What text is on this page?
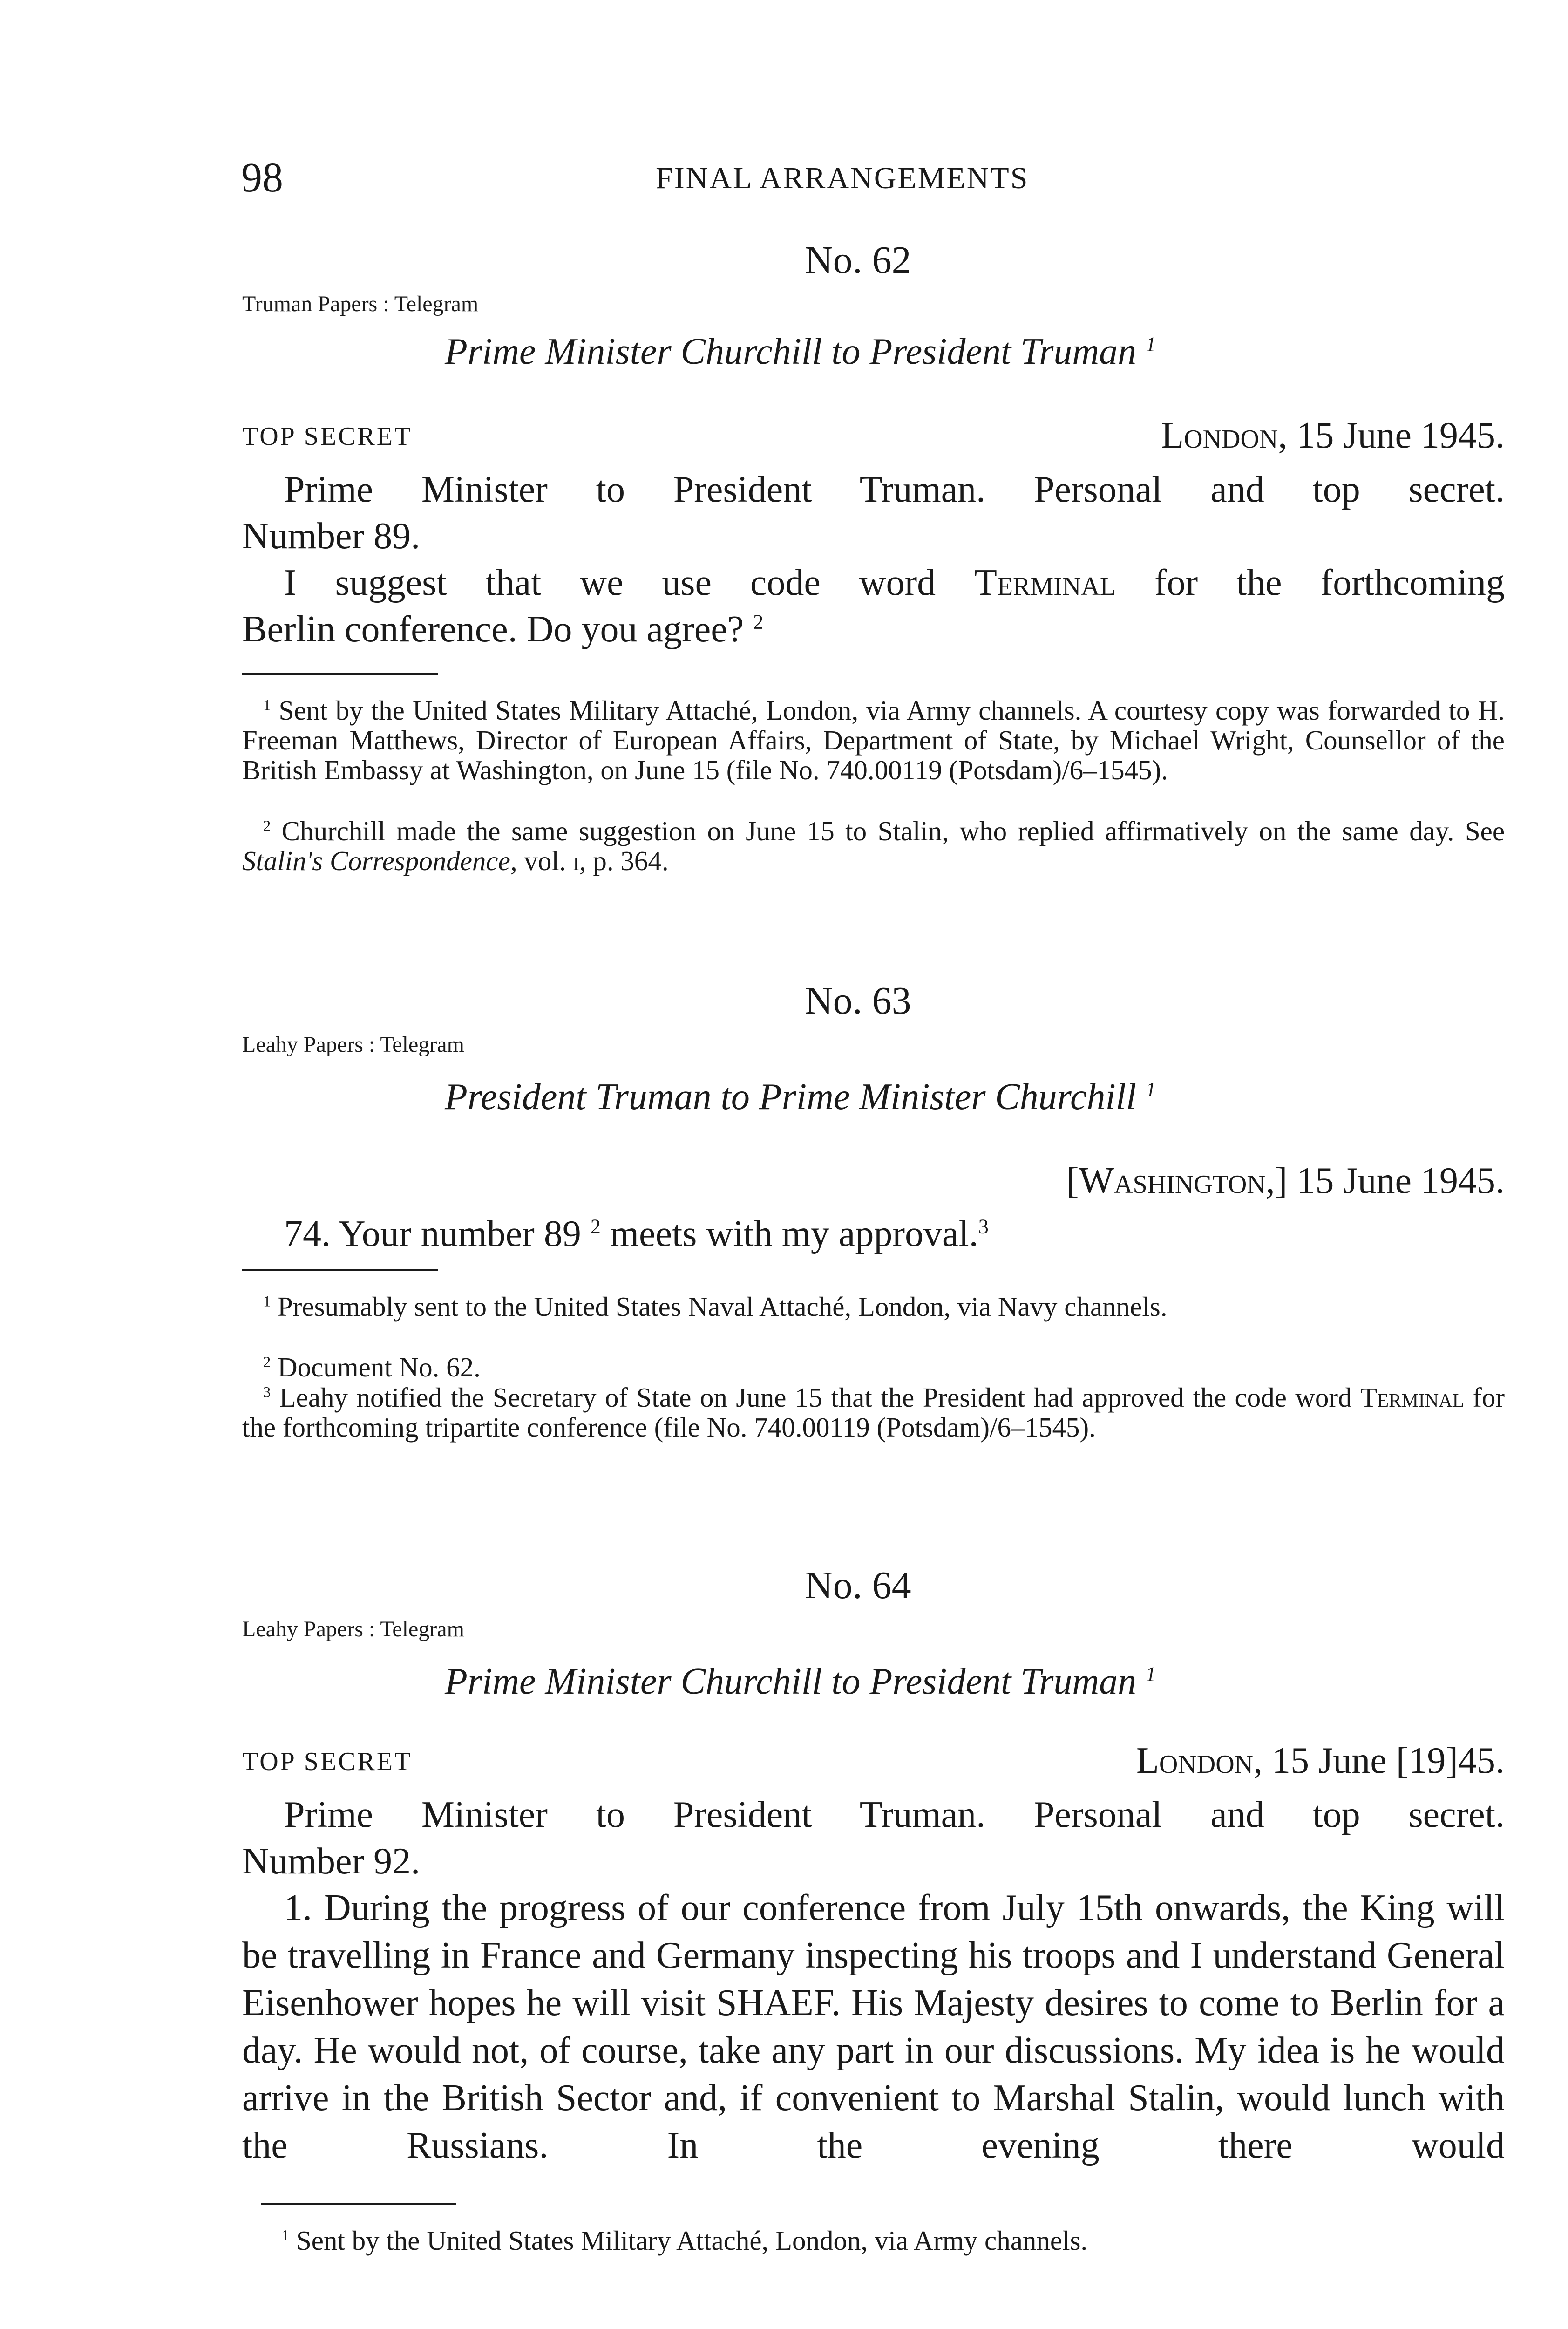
98	FINAL ARRANGEMENTS
No. 62
Truman Papers : Telegram
Prime Minister Churchill to President Truman $^1$
TOP SECRET	London, 15 June 1945.
Prime Minister to President Truman. Personal and top secret.
Number 89.
I suggest that we use code word Terminal for the forthcoming
Berlin conference. Do you agree? $^2$
$^1$ Sent by the United States Military Attaché, London, via Army channels. A courtesy copy was forwarded to H. Freeman Matthews, Director of European Affairs, Department of State, by Michael Wright, Counsellor of the British Embassy at Washington, on June 15 (file No. 740.00119 (Potsdam)/6–1545).
$^2$ Churchill made the same suggestion on June 15 to Stalin, who replied affirmatively on the same day. See Stalin's Correspondence, vol. i, p. 364.
No. 63
Leahy Papers : Telegram
President Truman to Prime Minister Churchill $^1$
[Washington,] 15 June 1945.
74. Your number 89 $^2$ meets with my approval.$^3$
$^1$ Presumably sent to the United States Naval Attaché, London, via Navy channels.
$^2$ Document No. 62.
$^3$ Leahy notified the Secretary of State on June 15 that the President had approved the code word Terminal for the forthcoming tripartite conference (file No. 740.00119 (Potsdam)/6–1545).
No. 64
Leahy Papers : Telegram
Prime Minister Churchill to President Truman $^1$
TOP SECRET	London, 15 June [19]45.
Prime Minister to President Truman. Personal and top secret.
Number 92.
1. During the progress of our conference from July 15th onwards, the King will be travelling in France and Germany inspecting his troops and I understand General Eisenhower hopes he will visit SHAEF. His Majesty desires to come to Berlin for a day. He would not, of course, take any part in our discussions. My idea is he would arrive in the British Sector and, if convenient to Marshal Stalin, would lunch with the Russians. In the evening there would
$^1$ Sent by the United States Military Attaché, London, via Army channels.
